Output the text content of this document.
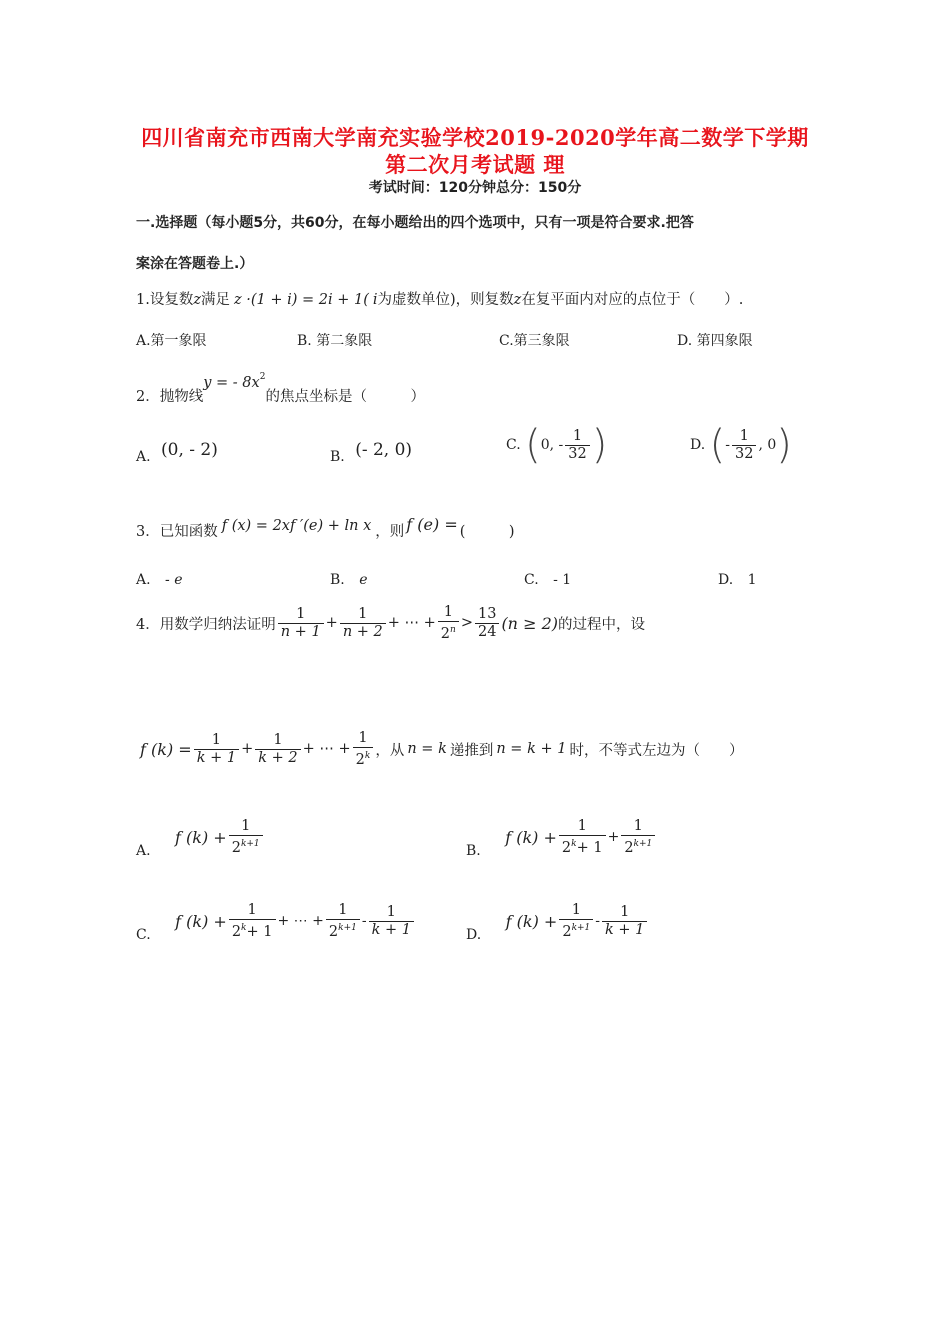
四川省南充市西南大学南充实验学校2019-2020学年高二数学下学期
第二次月考试题 理
考试时间：120分钟总分：150分
一.选择题（每小题5分，共60分，在每小题给出的四个选项中，只有一项是符合要求.把答
案涂在答题卷上.）
1.设复数z满足 z ·(1 + i) = 2i + 1( i为虚数单位)，则复数z在复平面内对应的点位于（　　）.
A.第一象限	B. 第二象限	C.第三象限	D. 第四象限
2．抛物线y = - $8x^2$的焦点坐标是（　　　）
A. (0, - 2)	B. (- 2, 0)	C. (0, - $\frac{1}{32}$ )	D. (- $\frac{1}{32}$ , 0)
3．已知函数 f (x) = 2xf ′(e) + ln x ，则 f (e) = (　　　)
A. - e	B. e	C. - 1	D. 1
4．用数学归纳法证明 $\frac{1}{n + 1} + \frac{1}{n + 2}$ + ⋯ + $\frac{1}{2^n} > \frac{13}{24} (n \ge 2)$的过程中，设
f $(k) = \frac{1}{k + 1} + \frac{1}{k + 2}$ + ⋯ + $\frac{1}{2^k}$ ，从 n = k 递推到 n = k + 1 时，不等式左边为（　　）
A. f $(k) + \frac{1}{2^{k+1}}$	B. f $(k) + \frac{1}{2^k+ 1} + \frac{1}{2^{k+1}}$
C. f $(k) + \frac{1}{2^k+ 1}$ + ⋯ + $\frac{1}{2^{k+1}} - \frac{1}{k + 1}$	D. f $(k) + \frac{1}{2^{k+1}} - \frac{1}{k + 1}$
